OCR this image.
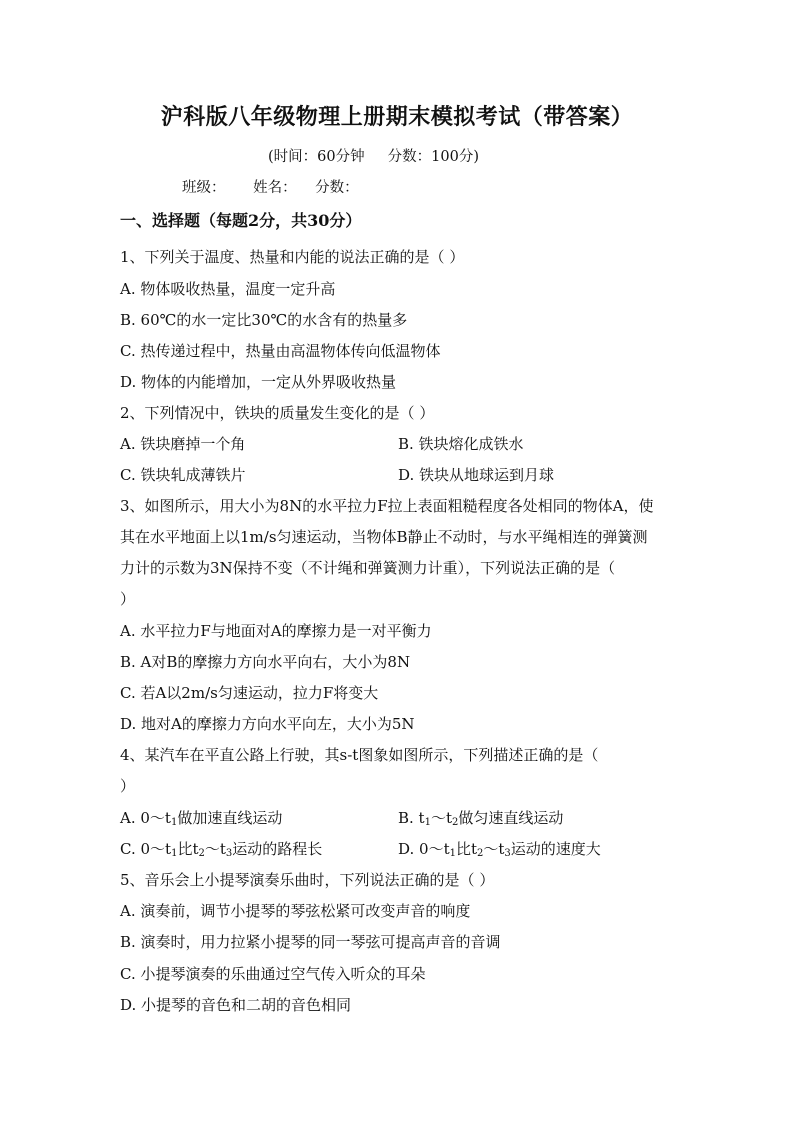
沪科版八年级物理上册期末模拟考试（带答案）
(时间：60分钟     分数：100分)
班级：      姓名：    分数：
一、选择题（每题2分，共30分）
1、下列关于温度、热量和内能的说法正确的是（ ）
A. 物体吸收热量，温度一定升高
B. 60℃的水一定比30℃的水含有的热量多
C. 热传递过程中，热量由高温物体传向低温物体
D. 物体的内能增加，一定从外界吸收热量
2、下列情况中，铁块的质量发生变化的是（ ）
A. 铁块磨掉一个角	B. 铁块熔化成铁水
C. 铁块轧成薄铁片	D. 铁块从地球运到月球
3、如图所示，用大小为8N的水平拉力F拉上表面粗糙程度各处相同的物体A，使
其在水平地面上以1m/s匀速运动，当物体B静止不动时，与水平绳相连的弹簧测
力计的示数为3N保持不变（不计绳和弹簧测力计重），下列说法正确的是（
）
A. 水平拉力F与地面对A的摩擦力是一对平衡力
B. A对B的摩擦力方向水平向右，大小为8N
C. 若A以2m/s匀速运动，拉力F将变大
D. 地对A的摩擦力方向水平向左，大小为5N
4、某汽车在平直公路上行驶，其s-t图象如图所示，下列描述正确的是（
）
A. $0\sim t_1$做加速直线运动	B. $t_1\sim t_2$做匀速直线运动
C. $0\sim t_1$比$t_2\sim t_3$运动的路程长	D. $0\sim t_1$比$t_2\sim t_3$运动的速度大
5、音乐会上小提琴演奏乐曲时，下列说法正确的是（ ）
A. 演奏前，调节小提琴的琴弦松紧可改变声音的响度
B. 演奏时，用力拉紧小提琴的同一琴弦可提高声音的音调
C. 小提琴演奏的乐曲通过空气传入听众的耳朵
D. 小提琴的音色和二胡的音色相同
